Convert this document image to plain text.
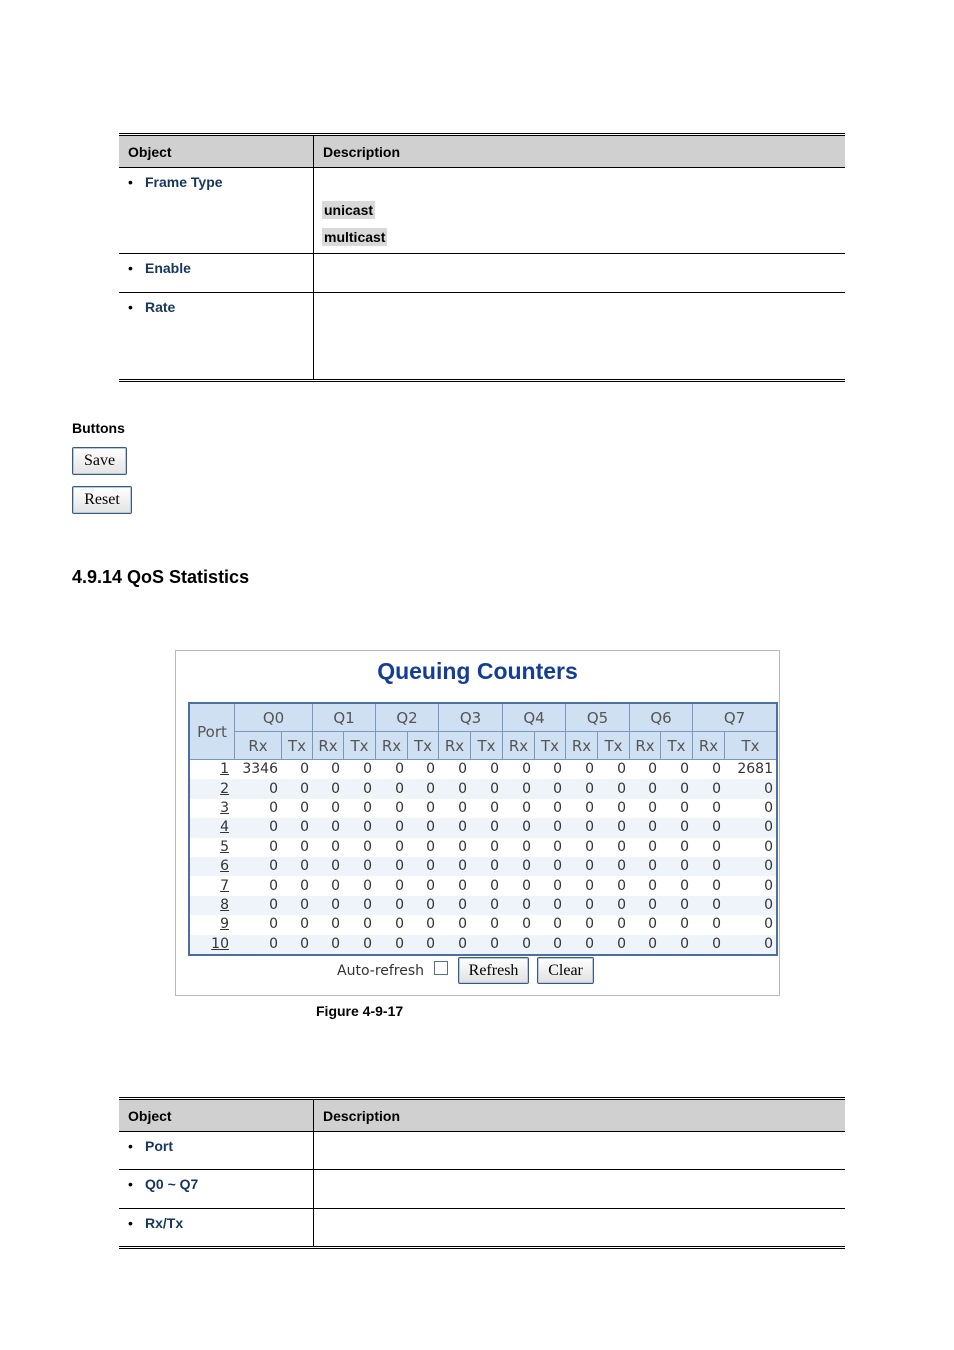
Object	Description

• Frame Type	unicast
multicast

• Enable	

• Rate	

Buttons
Save
Reset
4.9.14 QoS Statistics
Queuing Counters
Port	Q0		Q1		Q2		Q3		Q4		Q5		Q6		Q7	
	Rx	Tx	Rx	Tx	Rx	Tx	Rx	Tx	Rx	Tx	Rx	Tx	Rx	Tx	Rx	Tx
1	3346	0	0	0	0	0	0	0	0	0	0	0	0	0	0	2681
2	0	0	0	0	0	0	0	0	0	0	0	0	0	0	0	0
3	0	0	0	0	0	0	0	0	0	0	0	0	0	0	0	0
4	0	0	0	0	0	0	0	0	0	0	0	0	0	0	0	0
5	0	0	0	0	0	0	0	0	0	0	0	0	0	0	0	0
6	0	0	0	0	0	0	0	0	0	0	0	0	0	0	0	0
7	0	0	0	0	0	0	0	0	0	0	0	0	0	0	0	0
8	0	0	0	0	0	0	0	0	0	0	0	0	0	0	0	0
9	0	0	0	0	0	0	0	0	0	0	0	0	0	0	0	0
10	0	0	0	0	0	0	0	0	0	0	0	0	0	0	0	0
Auto-refresh	Refresh	Clear
Figure 4-9-17
Object	Description

• Port	

• Q0 ~ Q7	

• Rx/Tx	
